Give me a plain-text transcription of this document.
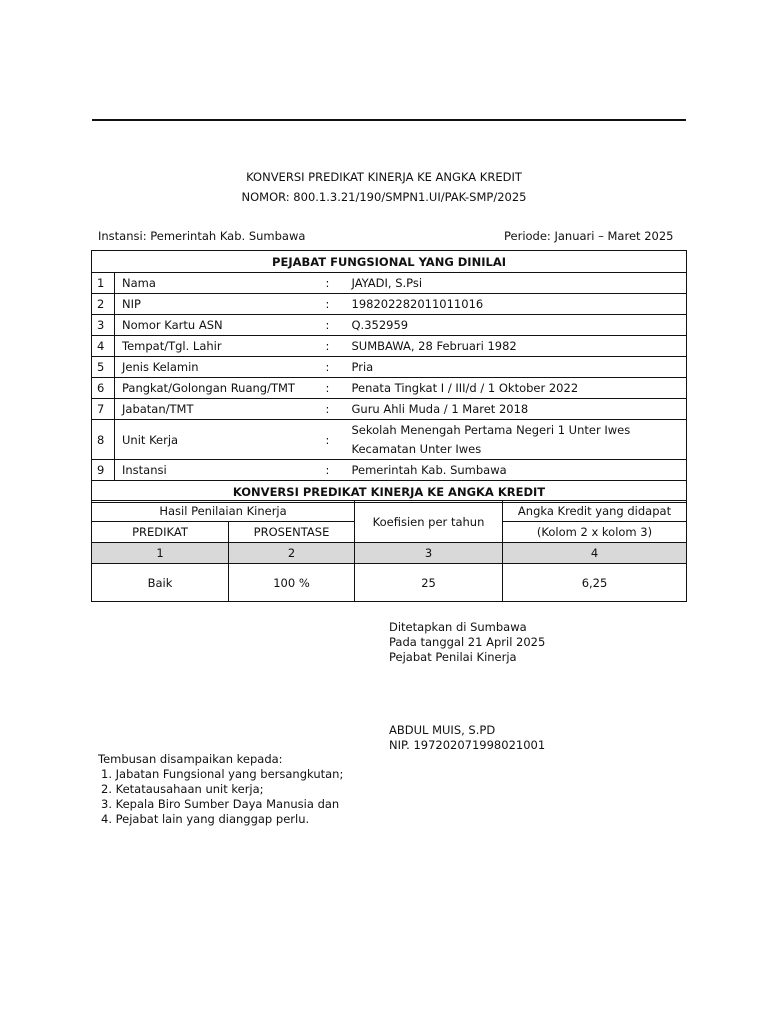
KONVERSI PREDIKAT KINERJA KE ANGKA KREDIT
NOMOR: 800.1.3.21/190/SMPN1.UI/PAK-SMP/2025
Instansi: Pemerintah Kab. Sumbawa	Periode: Januari – Maret 2025
PEJABAT FUNGSIONAL YANG DINILAI			
1	Nama	:	JAYADI, S.Psi
2	NIP	:	198202282011011016
3	Nomor Kartu ASN	:	Q.352959
4	Tempat/Tgl. Lahir	:	SUMBAWA, 28 Februari 1982
5	Jenis Kelamin	:	Pria
6	Pangkat/Golongan Ruang/TMT	:	Penata Tingkat I / III/d / 1 Oktober 2022
7	Jabatan/TMT	:	Guru Ahli Muda / 1 Maret 2018
8	Unit Kerja	:	Sekolah Menengah Pertama Negeri 1 Unter Iwes
Kecamatan Unter Iwes

9	Instansi	:	Pemerintah Kab. Sumbawa
KONVERSI PREDIKAT KINERJA KE ANGKA KREDIT			
Hasil Penilaian Kinerja		Koefisien per tahun	Angka Kredit yang didapat
PREDIKAT	PROSENTASE		(Kolom 2 x kolom 3)
1	2	3	4
Baik	100 %	25	6,25
Ditetapkan di Sumbawa
Pada tanggal 21 April 2025
Pejabat Penilai Kinerja
ABDUL MUIS, S.PD
NIP. 197202071998021001
Tembusan disampaikan kepada:
1. Jabatan Fungsional yang bersangkutan;
2. Ketatausahaan unit kerja;
3. Kepala Biro Sumber Daya Manusia dan
4. Pejabat lain yang dianggap perlu.
